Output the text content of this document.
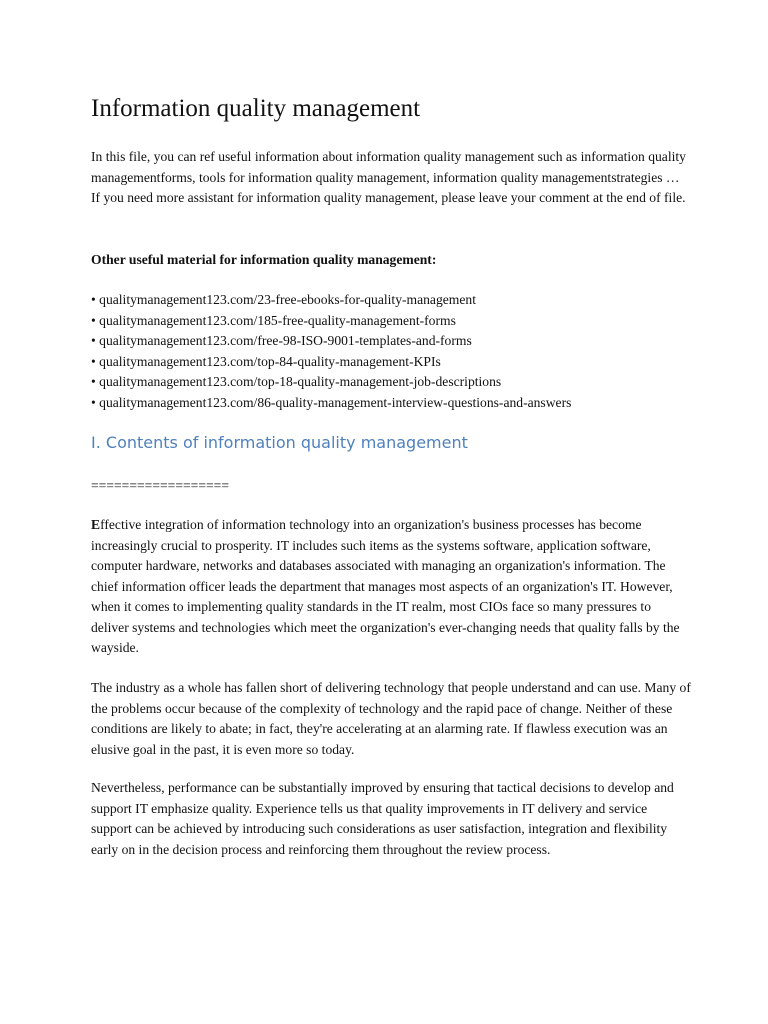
Information quality management

In this file, you can ref useful information about information quality management such as information quality managementforms, tools for information quality management, information quality managementstrategies … If you need more assistant for information quality management, please leave your comment at the end of file.

Other useful material for information quality management:

• qualitymanagement123.com/23-free-ebooks-for-quality-management
• qualitymanagement123.com/185-free-quality-management-forms
• qualitymanagement123.com/free-98-ISO-9001-templates-and-forms
• qualitymanagement123.com/top-84-quality-management-KPIs
• qualitymanagement123.com/top-18-quality-management-job-descriptions
• qualitymanagement123.com/86-quality-management-interview-questions-and-answers
I. Contents of information quality management

==================

Effective integration of information technology into an organization's business processes has become increasingly crucial to prosperity. IT includes such items as the systems software, application software, computer hardware, networks and databases associated with managing an organization's information. The chief information officer leads the department that manages most aspects of an organization's IT. However, when it comes to implementing quality standards in the IT realm, most CIOs face so many pressures to deliver systems and technologies which meet the organization's ever-changing needs that quality falls by the wayside.

The industry as a whole has fallen short of delivering technology that people understand and can use. Many of the problems occur because of the complexity of technology and the rapid pace of change. Neither of these conditions are likely to abate; in fact, they're accelerating at an alarming rate. If flawless execution was an elusive goal in the past, it is even more so today.

Nevertheless, performance can be substantially improved by ensuring that tactical decisions to develop and support IT emphasize quality. Experience tells us that quality improvements in IT delivery and service support can be achieved by introducing such considerations as user satisfaction, integration and flexibility early on in the decision process and reinforcing them throughout the review process.
